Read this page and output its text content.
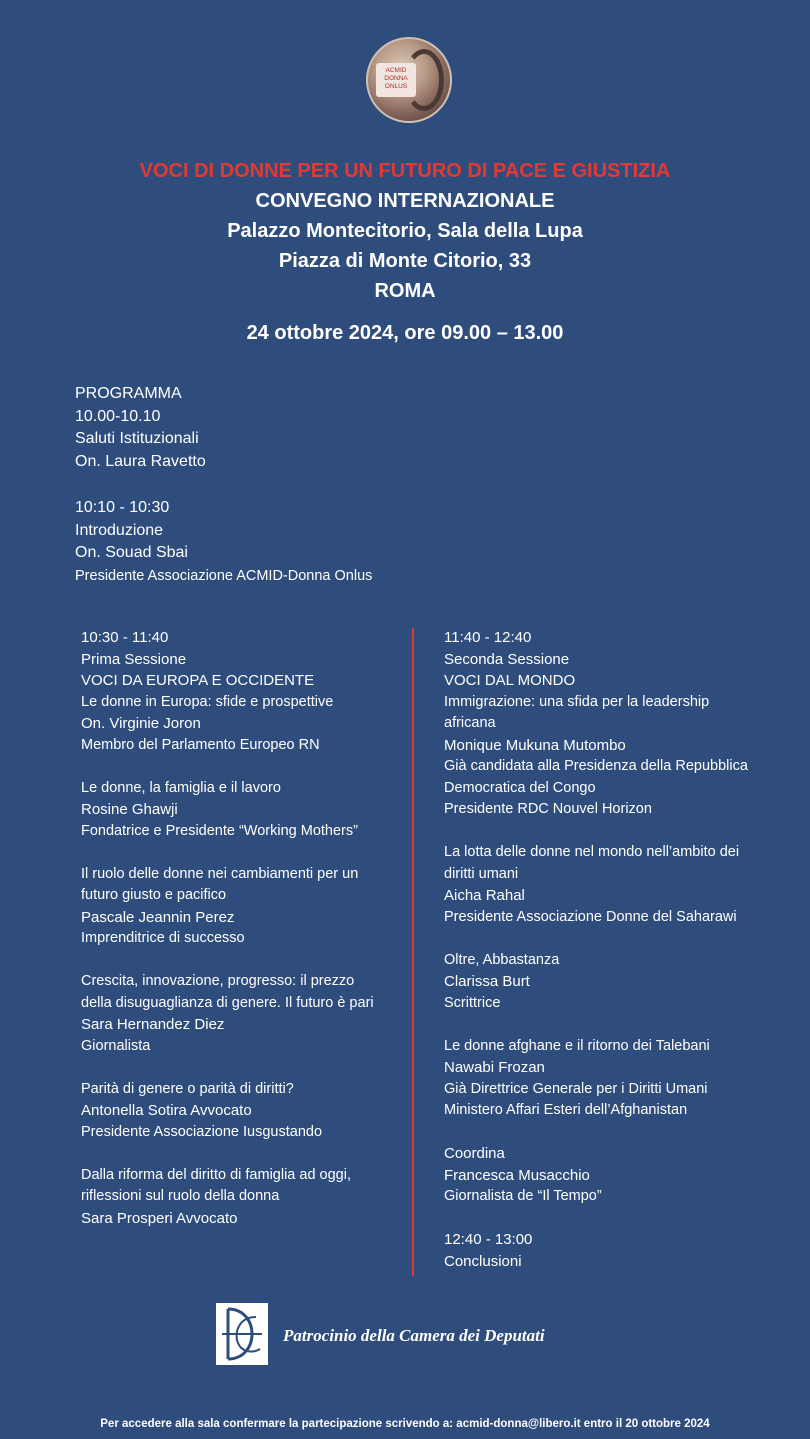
ACMID
DONNA
ONLUS
VOCI DI DONNE PER UN FUTURO DI PACE E GIUSTIZIA
CONVEGNO INTERNAZIONALE
Palazzo Montecitorio, Sala della Lupa
Piazza di Monte Citorio, 33
ROMA
24 ottobre 2024, ore 09.00 – 13.00
PROGRAMMA
10.00-10.10
Saluti Istituzionali
On. Laura Ravetto
10:10 - 10:30
Introduzione
On. Souad Sbai
Presidente Associazione ACMID-Donna Onlus
10:30 - 11:40
Prima Sessione
VOCI DA EUROPA E OCCIDENTE
Le donne in Europa: sfide e prospettive
On. Virginie Joron
Membro del Parlamento Europeo RN
Le donne, la famiglia e il lavoro
Rosine Ghawji
Fondatrice e Presidente “Working Mothers”
Il ruolo delle donne nei cambiamenti per un
futuro giusto e pacifico
Pascale Jeannin Perez
Imprenditrice di successo
Crescita, innovazione, progresso: il prezzo
della disuguaglianza di genere. Il futuro è pari
Sara Hernandez Diez
Giornalista
Parità di genere o parità di diritti?
Antonella Sotira Avvocato
Presidente Associazione Iusgustando
Dalla riforma del diritto di famiglia ad oggi,
riflessioni sul ruolo della donna
Sara Prosperi Avvocato
11:40 - 12:40
Seconda Sessione
VOCI DAL MONDO
Immigrazione: una sfida per la leadership
africana
Monique Mukuna Mutombo
Già candidata alla Presidenza della Repubblica
Democratica del Congo
Presidente RDC Nouvel Horizon
La lotta delle donne nel mondo nell’ambito dei
diritti umani
Aicha Rahal
Presidente Associazione Donne del Saharawi
Oltre, Abbastanza
Clarissa Burt
Scrittrice
Le donne afghane e il ritorno dei Talebani
Nawabi Frozan
Già Direttrice Generale per i Diritti Umani
Ministero Affari Esteri dell’Afghanistan
Coordina
Francesca Musacchio
Giornalista de “Il Tempo”
12:40 - 13:00
Conclusioni
Patrocinio della Camera dei Deputati
Per accedere alla sala confermare la partecipazione scrivendo a: acmid-donna@libero.it entro il 20 ottobre 2024
